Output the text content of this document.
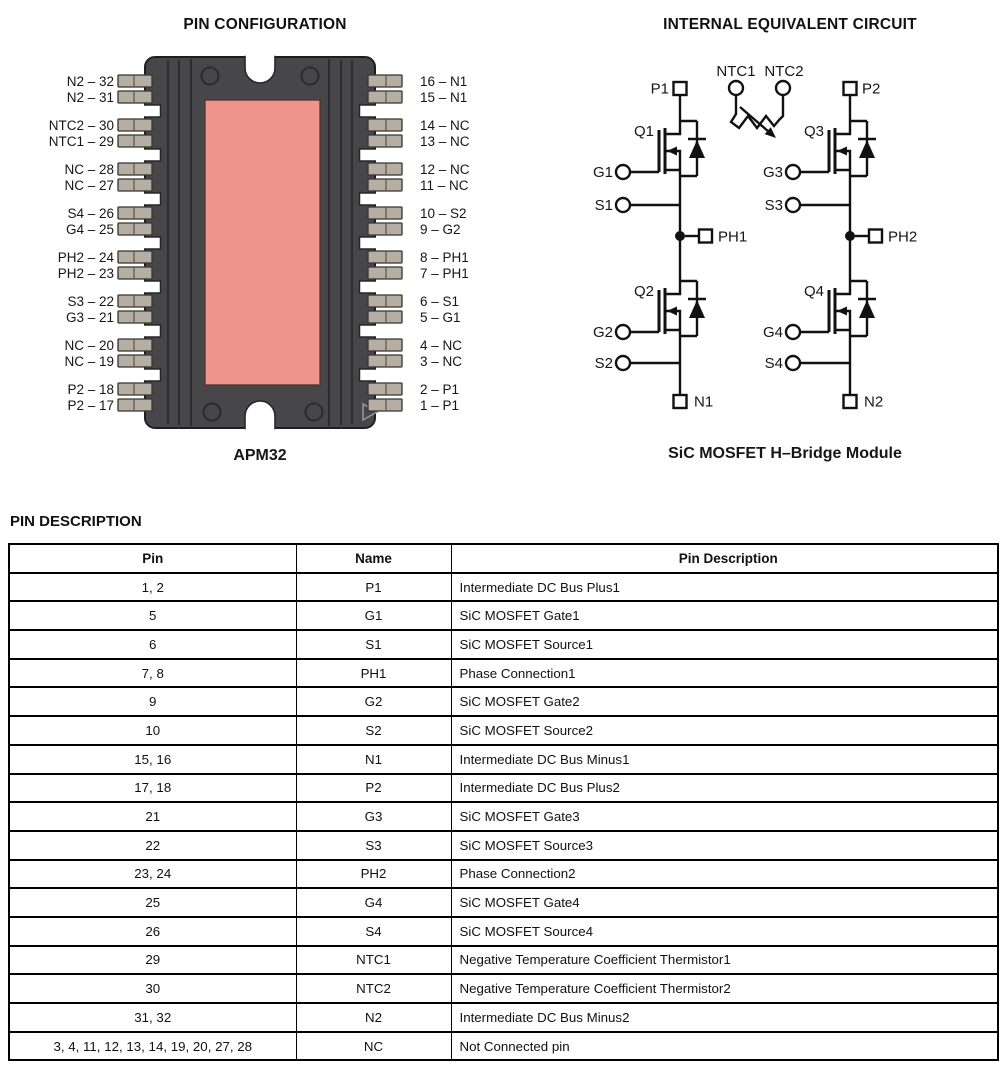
PIN CONFIGURATION	INTERNAL EQUIVALENT CIRCUIT
N2 – 32
N2 – 31
NTC2 – 30
NTC1 – 29
NC – 28
NC – 27
S4 – 26
G4 – 25
PH2 – 24
PH2 – 23
S3 – 22
G3 – 21
NC – 20
NC – 19
P2 – 18
P2 – 17
16 – N1
15 – N1
14 – NC
13 – NC
12 – NC
11 – NC
10 – S2
9 – G2
8 – PH1
7 – PH1
6 – S1
5 – G1
4 – NC
3 – NC
2 – P1
1 – P1
APM32
NTC1 NTC2
P1
Q1
G1
S1
PH1
Q2
G2
S2
N1
P2
Q3
G3
S3
PH2
Q4
G4
S4
N2
SiC MOSFET H–Bridge Module
PIN DESCRIPTION
Pin	Name	Pin Description
1, 2	P1	Intermediate DC Bus Plus1
5	G1	SiC MOSFET Gate1
6	S1	SiC MOSFET Source1
7, 8	PH1	Phase Connection1
9	G2	SiC MOSFET Gate2
10	S2	SiC MOSFET Source2
15, 16	N1	Intermediate DC Bus Minus1
17, 18	P2	Intermediate DC Bus Plus2
21	G3	SiC MOSFET Gate3
22	S3	SiC MOSFET Source3
23, 24	PH2	Phase Connection2
25	G4	SiC MOSFET Gate4
26	S4	SiC MOSFET Source4
29	NTC1	Negative Temperature Coefficient Thermistor1
30	NTC2	Negative Temperature Coefficient Thermistor2
31, 32	N2	Intermediate DC Bus Minus2
3, 4, 11, 12, 13, 14, 19, 20, 27, 28	NC	Not Connected pin
